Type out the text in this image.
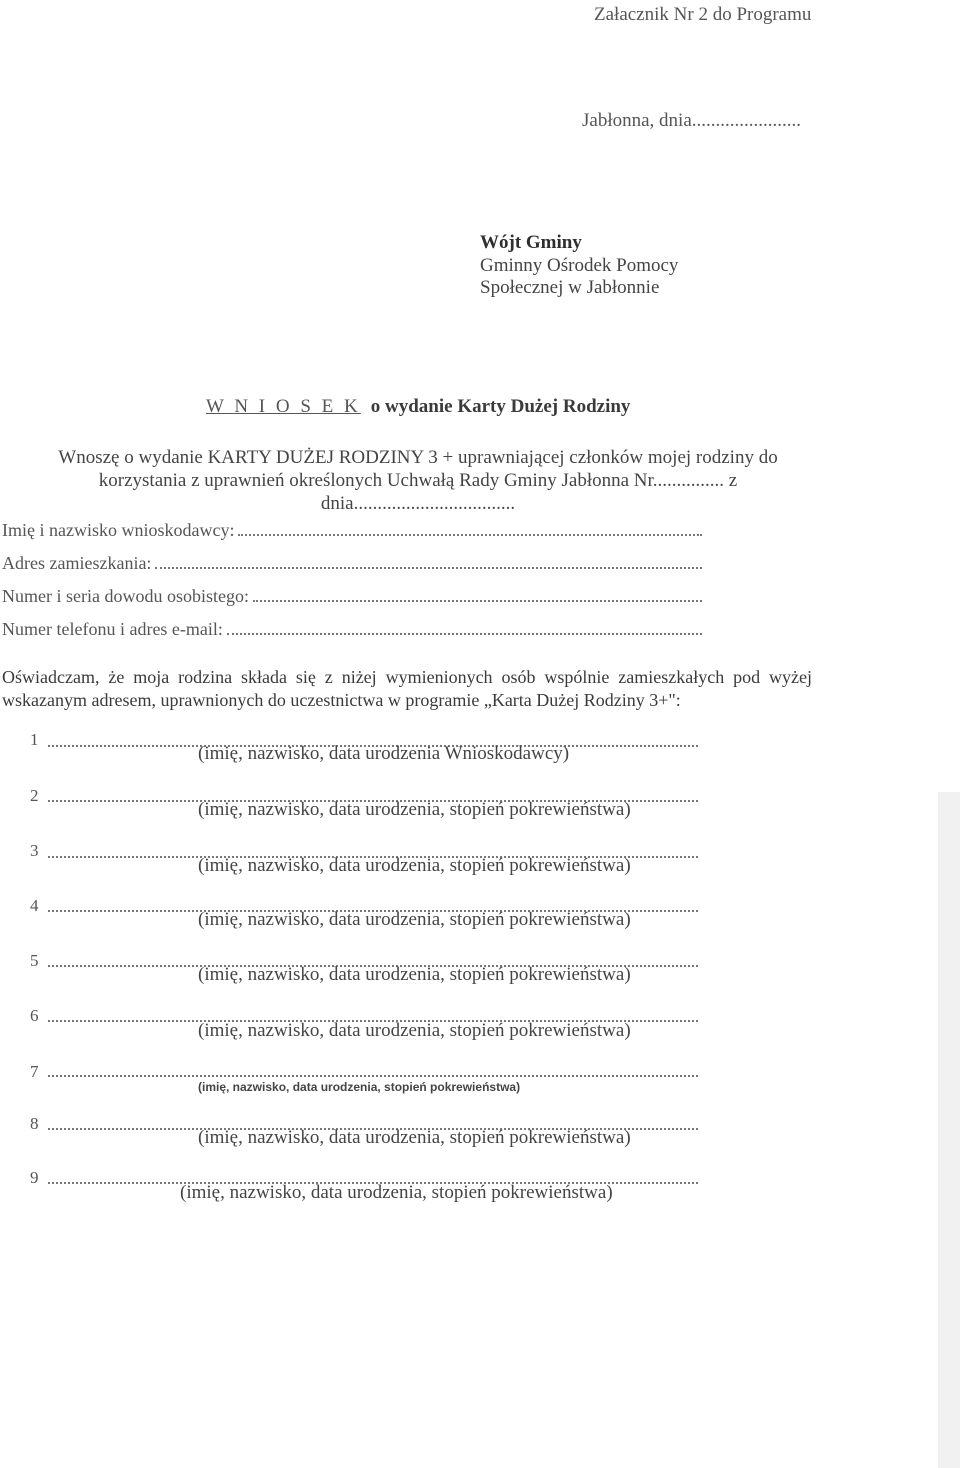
Załacznik Nr 2 do Programu
Jabłonna, dnia.......................
Wójt Gminy
Gminny Ośrodek Pomocy
Społecznej w Jabłonnie
W N I O S E K o wydanie Karty Dużej Rodziny
Wnoszę o wydanie KARTY DUŻEJ RODZINY 3 + uprawniającej członków mojej rodziny do korzystania z uprawnień określonych Uchwałą Rady Gminy Jabłonna Nr............... z dnia..................................
Imię i nazwisko wnioskodawcy:
Adres zamieszkania:
Numer i seria dowodu osobistego:
Numer telefonu i adres e-mail:
Oświadczam, że moja rodzina składa się z niżej wymienionych osób wspólnie zamieszkałych pod wyżej wskazanym adresem, uprawnionych do uczestnictwa w programie „Karta Dużej Rodziny 3+":
1
(imię, nazwisko, data urodzenia Wnioskodawcy)
2
(imię, nazwisko, data urodzenia, stopień pokrewieństwa)
3
(imię, nazwisko, data urodzenia, stopień pokrewieństwa)
4
(imię, nazwisko, data urodzenia, stopień pokrewieństwa)
5
(imię, nazwisko, data urodzenia, stopień pokrewieństwa)
6
(imię, nazwisko, data urodzenia, stopień pokrewieństwa)
7
(imię, nazwisko, data urodzenia, stopień pokrewieństwa)
8
(imię, nazwisko, data urodzenia, stopień pokrewieństwa)
9
(imię, nazwisko, data urodzenia, stopień pokrewieństwa)
